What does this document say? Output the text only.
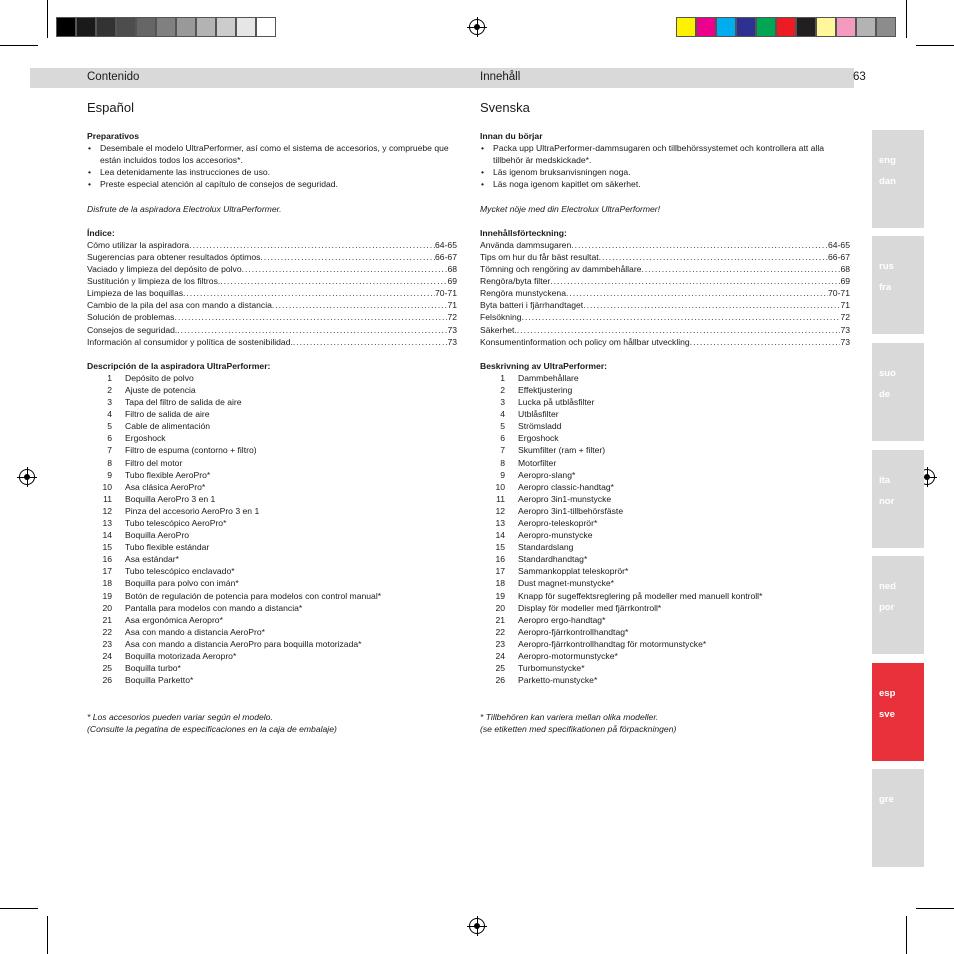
Contenido	Innehåll	63
Español	Svenska
Preparativos
• Desembale el modelo UltraPerformer, así como el sistema de accesorios, y compruebe que están incluidos todos los accesorios*.
• Lea detenidamente las instrucciones de uso.
• Preste especial atención al capítulo de consejos de seguridad.
Disfrute de la aspiradora Electrolux UltraPerformer.
Índice:
Cómo utilizar la aspiradora .....	64-65
Sugerencias para obtener resultados óptimos .....	66-67
Vaciado y limpieza del depósito de polvo .....	68
Sustitución y limpieza de los filtros. .....	69
Limpieza de las boquillas .....	70-71
Cambio de la pila del asa con mando a distancia .....	71
Solución de problemas .....	72
Consejos de seguridad. .....	73
Información al consumidor y política de sostenibilidad. .....	73
Descripción de la aspiradora UltraPerformer:
1	Depósito de polvo
2	Ajuste de potencia
3	Tapa del filtro de salida de aire
4	Filtro de salida de aire
5	Cable de alimentación
6	Ergoshock
7	Filtro de espuma (contorno + filtro)
8	Filtro del motor
9	Tubo flexible AeroPro*
10	Asa clásica AeroPro*
11	Boquilla AeroPro 3 en 1
12	Pinza del accesorio AeroPro 3 en 1
13	Tubo telescópico AeroPro*
14	Boquilla AeroPro
15	Tubo flexible estándar
16	Asa estándar*
17	Tubo telescópico enclavado*
18	Boquilla para polvo con imán*
19	Botón de regulación de potencia para modelos con control manual*
20	Pantalla para modelos con mando a distancia*
21	Asa ergonómica Aeropro*
22	Asa con mando a distancia AeroPro*
23	Asa con mando a distancia AeroPro para boquilla motorizada*
24	Boquilla motorizada Aeropro*
25	Boquilla turbo*
26	Boquilla Parketto*
* Los accesorios pueden variar según el modelo.
(Consulte la pegatina de especificaciones en la caja de embalaje)
Innan du börjar
• Packa upp UltraPerformer-dammsugaren och tillbehörssystemet och kontrollera att alla tillbehör är medskickade*.
• Läs igenom bruksanvisningen noga.
• Läs noga igenom kapitlet om säkerhet.
Mycket nöje med din Electrolux UltraPerformer!
Innehållsförteckning:
Använda dammsugaren .....	64-65
Tips om hur du får bäst resultat .....	66-67
Tömning och rengöring av dammbehållare .....	68
Rengöra/byta filter .....	69
Rengöra munstyckena .....	70-71
Byta batteri i fjärrhandtaget .....	71
Felsökning .....	72
Säkerhet. .....	73
Konsumentinformation och policy om hållbar utveckling .....	73
Beskrivning av UltraPerformer:
1	Dammbehållare
2	Effektjustering
3	Lucka på utblåsfilter
4	Utblåsfilter
5	Strömsladd
6	Ergoshock
7	Skumfilter (ram + filter)
8	Motorfilter
9	Aeropro-slang*
10	Aeropro classic-handtag*
11	Aeropro 3in1-munstycke
12	Aeropro 3in1-tillbehörsfäste
13	Aeropro-teleskoprör*
14	Aeropro-munstycke
15	Standardslang
16	Standardhandtag*
17	Sammankopplat teleskoprör*
18	Dust magnet-munstycke*
19	Knapp för sugeffektsreglering på modeller med manuell kontroll*
20	Display för modeller med fjärrkontroll*
21	Aeropro ergo-handtag*
22	Aeropro-fjärrkontrollhandtag*
23	Aeropro-fjärrkontrollhandtag för motormunstycke*
24	Aeropro-motormunstycke*
25	Turbomunstycke*
26	Parketto-munstycke*
* Tillbehören kan variera mellan olika modeller.
(se etiketten med specifikationen på förpackningen)
eng
dan
rus
fra
suo
de
ita
nor
ned
por
esp
sve
gre
